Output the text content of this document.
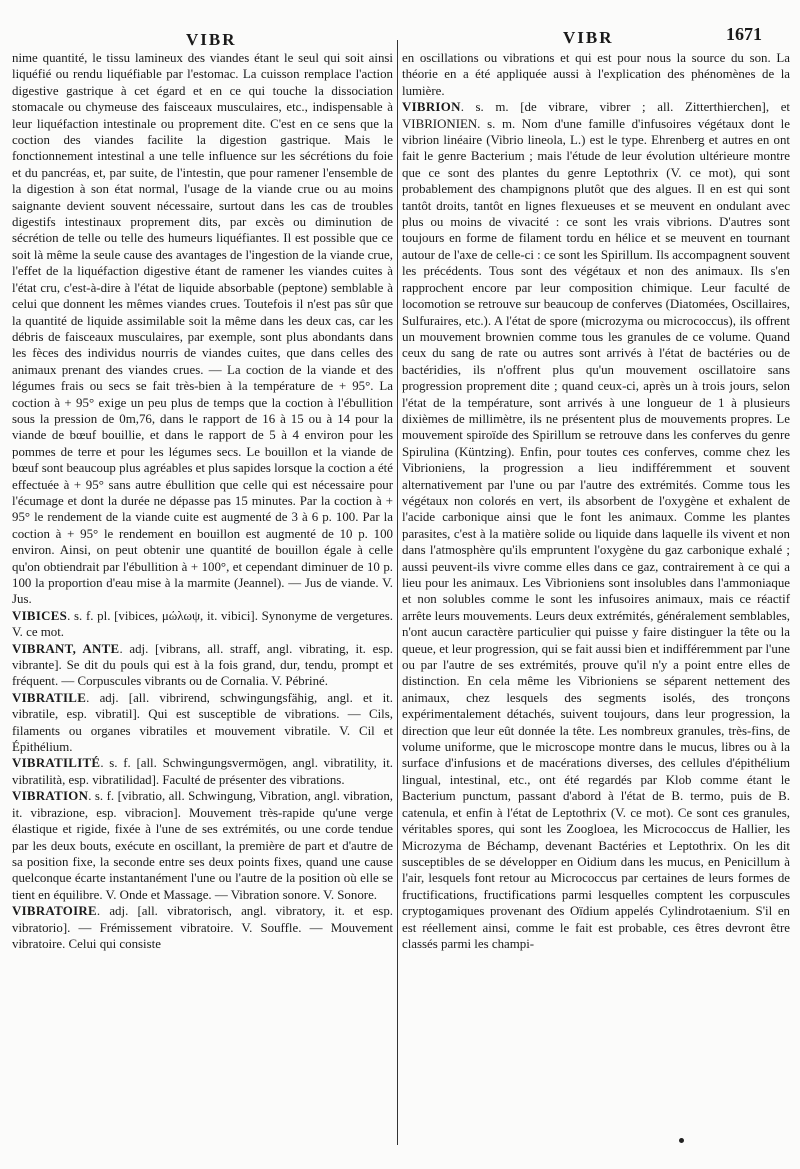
VIBR	VIBR	1671

nime quantité, le tissu lamineux des viandes étant le seul qui soit ainsi liquéfié ou rendu liquéfiable par l'estomac. La cuisson remplace l'action digestive gastrique à cet égard et en ce qui touche la dissociation stomacale ou chymeuse des faisceaux musculaires, etc., indispensable à leur liquéfaction intestinale ou proprement dite. C'est en ce sens que la coction des viandes facilite la digestion gastrique. Mais le fonctionnement intestinal a une telle influence sur les sécrétions du foie et du pancréas, et, par suite, de l'intestin, que pour ramener l'ensemble de la digestion à son état normal, l'usage de la viande crue ou au moins saignante devient souvent nécessaire, surtout dans les cas de troubles digestifs intestinaux proprement dits, par excès ou diminution de sécrétion de telle ou telle des humeurs liquéfiantes. Il est possible que ce soit là même la seule cause des avantages de l'ingestion de la viande crue, l'effet de la liquéfaction digestive étant de ramener les viandes cuites à l'état cru, c'est-à-dire à l'état de liquide absorbable (peptone) semblable à celui que donnent les mêmes viandes crues. Toutefois il n'est pas sûr que la quantité de liquide assimilable soit la même dans les deux cas, car les débris de faisceaux musculaires, par exemple, sont plus abondants dans les fèces des individus nourris de viandes cuites, que dans celles des animaux prenant des viandes crues. — La coction de la viande et des légumes frais ou secs se fait très-bien à la température de + 95°. La coction à + 95° exige un peu plus de temps que la coction à l'ébullition sous la pression de 0m,76, dans le rapport de 16 à 15 ou à 14 pour la viande de bœuf bouillie, et dans le rapport de 5 à 4 environ pour les pommes de terre et pour les légumes secs. Le bouillon et la viande de bœuf sont beaucoup plus agréables et plus sapides lorsque la coction a été effectuée à + 95° sans autre ébullition que celle qui est nécessaire pour l'écumage et dont la durée ne dépasse pas 15 minutes. Par la coction à + 95° le rendement de la viande cuite est augmenté de 3 à 6 p. 100. Par la coction à + 95° le rendement en bouillon est augmenté de 10 p. 100 environ. Ainsi, on peut obtenir une quantité de bouillon égale à celle qu'on obtiendrait par l'ébullition à + 100°, et cependant diminuer de 10 p. 100 la proportion d'eau mise à la marmite (Jeannel). — Jus de viande. V. Jus.

VIBICES. s. f. pl. [vibices, μώλωψ, it. vibici]. Synonyme de vergetures. V. ce mot.

VIBRANT, ANTE. adj. [vibrans, all. straff, angl. vibrating, it. esp. vibrante]. Se dit du pouls qui est à la fois grand, dur, tendu, prompt et fréquent. — Corpuscules vibrants ou de Cornalia. V. Pébriné.

VIBRATILE. adj. [all. vibrirend, schwingungsfähig, angl. et it. vibratile, esp. vibratil]. Qui est susceptible de vibrations. — Cils, filaments ou organes vibratiles et mouvement vibratile. V. Cil et Épithélium.

VIBRATILITÉ. s. f. [all. Schwingungsvermögen, angl. vibratility, it. vibratilità, esp. vibratilidad]. Faculté de présenter des vibrations.

VIBRATION. s. f. [vibratio, all. Schwingung, Vibration, angl. vibration, it. vibrazione, esp. vibracion]. Mouvement très-rapide qu'une verge élastique et rigide, fixée à l'une de ses extrémités, ou une corde tendue par les deux bouts, exécute en oscillant, la première de part et d'autre de sa position fixe, la seconde entre ses deux points fixes, quand une cause quelconque écarte instantanément l'une ou l'autre de la position où elle se tient en équilibre. V. Onde et Massage. — Vibration sonore. V. Sonore.

VIBRATOIRE. adj. [all. vibratorisch, angl. vibratory, it. et esp. vibratorio]. — Frémissement vibratoire. V. Souffle. — Mouvement vibratoire. Celui qui consiste

en oscillations ou vibrations et qui est pour nous la source du son. La théorie en a été appliquée aussi à l'explication des phénomènes de la lumière.

VIBRION. s. m. [de vibrare, vibrer ; all. Zitterthierchen], et VIBRIONIEN. s. m. Nom d'une famille d'infusoires végétaux dont le vibrion linéaire (Vibrio lineola, L.) est le type. Ehrenberg et autres en ont fait le genre Bacterium ; mais l'étude de leur évolution ultérieure montre que ce sont des plantes du genre Leptothrix (V. ce mot), qui sont probablement des champignons plutôt que des algues. Il en est qui sont tantôt droits, tantôt en lignes flexueuses et se meuvent en ondulant avec plus ou moins de vivacité : ce sont les vrais vibrions. D'autres sont toujours en forme de filament tordu en hélice et se meuvent en tournant autour de l'axe de celle-ci : ce sont les Spirillum. Ils accompagnent souvent les précédents. Tous sont des végétaux et non des animaux. Ils s'en rapprochent encore par leur composition chimique. Leur faculté de locomotion se retrouve sur beaucoup de conferves (Diatomées, Oscillaires, Sulfuraires, etc.). A l'état de spore (microzyma ou micrococcus), ils offrent un mouvement brownien comme tous les granules de ce volume. Quand ceux du sang de rate ou autres sont arrivés à l'état de bactéries ou de bactéridies, ils n'offrent plus qu'un mouvement oscillatoire sans progression proprement dite ; quand ceux-ci, après un à trois jours, selon l'état de la température, sont arrivés à une longueur de 1 à plusieurs dixièmes de millimètre, ils ne présentent plus de mouvements propres. Le mouvement spiroïde des Spirillum se retrouve dans les conferves du genre Spirulina (Küntzing). Enfin, pour toutes ces conferves, comme chez les Vibrioniens, la progression a lieu indifféremment et souvent alternativement par l'une ou par l'autre des extrémités. Comme tous les végétaux non colorés en vert, ils absorbent de l'oxygène et exhalent de l'acide carbonique ainsi que le font les animaux. Comme les plantes parasites, c'est à la matière solide ou liquide dans laquelle ils vivent et non dans l'atmosphère qu'ils empruntent l'oxygène du gaz carbonique exhalé ; aussi peuvent-ils vivre comme elles dans ce gaz, contrairement à ce qui a lieu pour les animaux. Les Vibrioniens sont insolubles dans l'ammoniaque et non solubles comme le sont les infusoires animaux, mais ce réactif arrête leurs mouvements. Leurs deux extrémités, généralement semblables, n'ont aucun caractère particulier qui puisse y faire distinguer la tête ou la queue, et leur progression, qui se fait aussi bien et indifféremment par l'une ou par l'autre de ses extrémités, prouve qu'il n'y a point entre elles de distinction. En cela même les Vibrioniens se séparent nettement des animaux, chez lesquels des segments isolés, des tronçons expérimentalement détachés, suivent toujours, dans leur progression, la direction que leur eût donnée la tête. Les nombreux granules, très-fins, de volume uniforme, que le microscope montre dans le mucus, libres ou à la surface d'infusions et de macérations diverses, des cellules d'épithélium lingual, intestinal, etc., ont été regardés par Klob comme étant le Bacterium punctum, passant d'abord à l'état de B. termo, puis de B. catenula, et enfin à l'état de Leptothrix (V. ce mot). Ce sont ces granules, véritables spores, qui sont les Zoogloea, les Micrococcus de Hallier, les Microzyma de Béchamp, devenant Bactéries et Leptothrix. On les dit susceptibles de se développer en Oidium dans les mucus, en Penicillum à l'air, lesquels font retour au Micrococcus par certaines de leurs formes de fructifications, fructifications parmi lesquelles comptent les corpuscules cryptogamiques provenant des Oïdium appelés Cylindrotaenium. S'il en est réellement ainsi, comme le fait est probable, ces êtres devront être classés parmi les champi-
